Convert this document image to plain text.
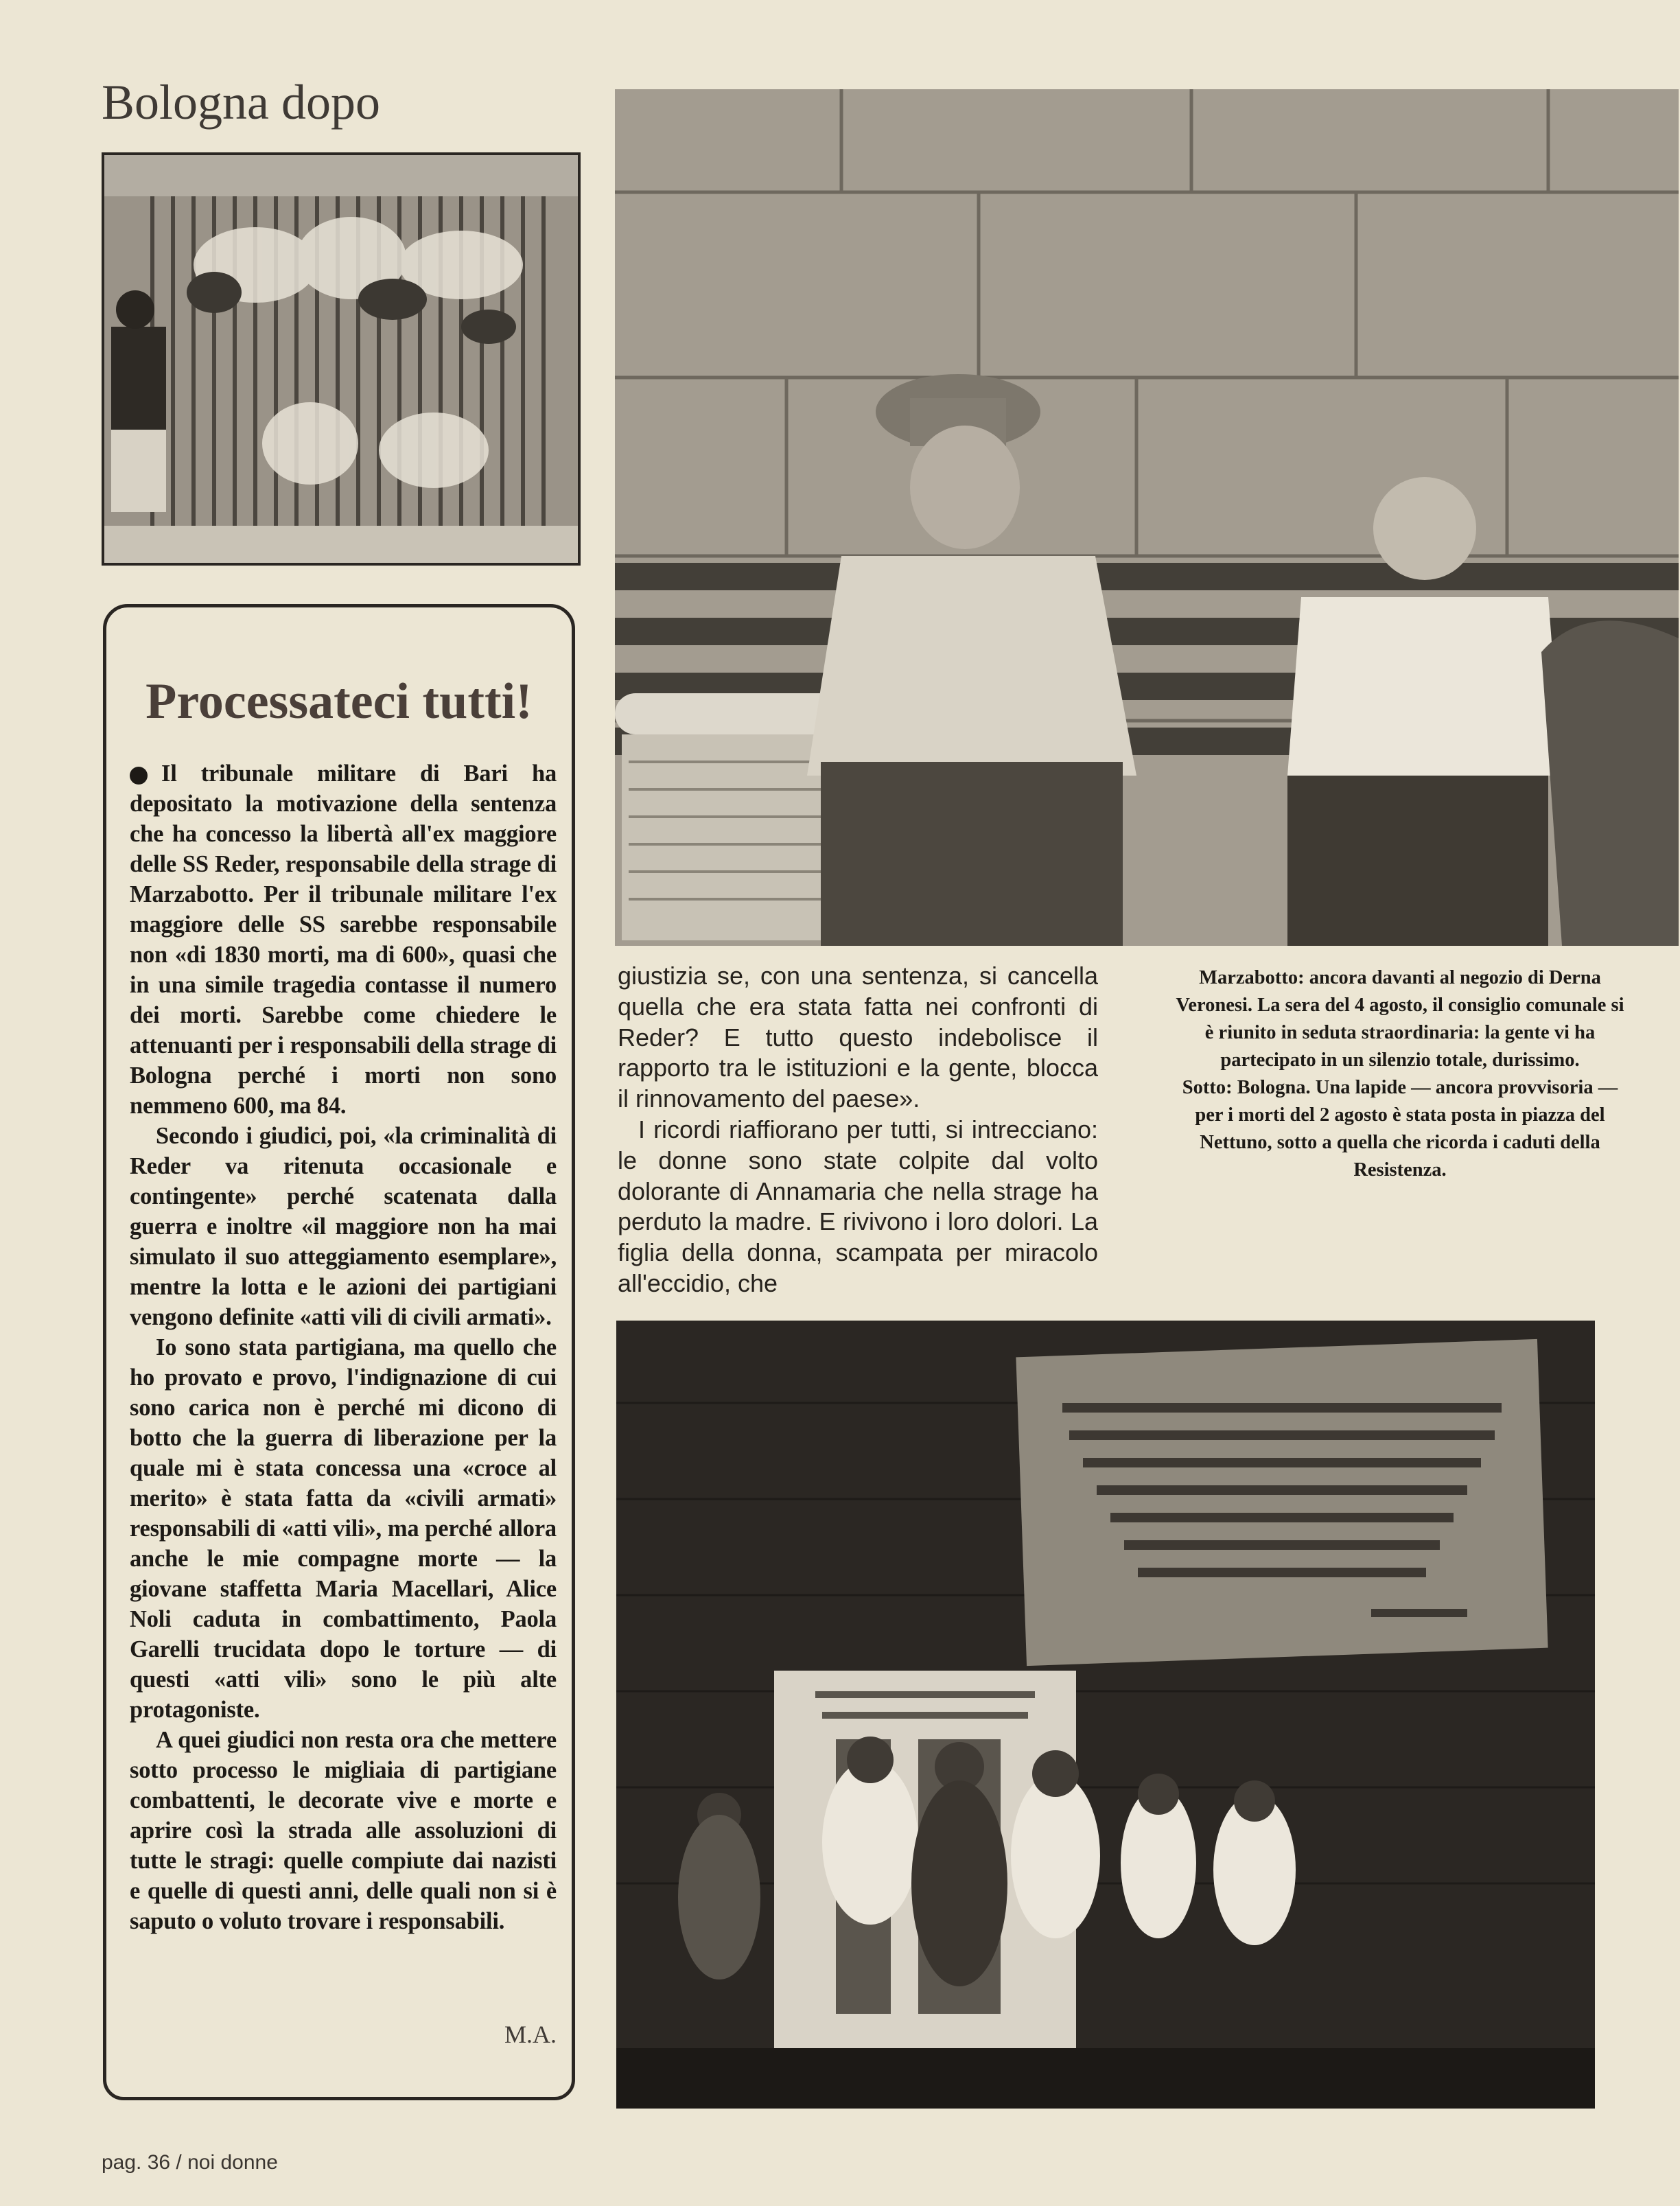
Bologna dopo
Processateci tutti!

Il tribunale militare di Bari ha depositato la motivazione della sentenza che ha concesso la libertà all'ex maggiore delle SS Reder, responsabile della strage di Marzabotto. Per il tribunale militare l'ex maggiore delle SS sarebbe responsabile non «di 1830 morti, ma di 600», quasi che in una simile tragedia contasse il numero dei morti. Sarebbe come chiedere le attenuanti per i responsabili della strage di Bologna perché i morti non sono nemmeno 600, ma 84.

Secondo i giudici, poi, «la criminalità di Reder va ritenuta occasionale e contingente» perché scatenata dalla guerra e inoltre «il maggiore non ha mai simulato il suo atteggiamento esemplare», mentre la lotta e le azioni dei partigiani vengono definite «atti vili di civili armati».

Io sono stata partigiana, ma quello che ho provato e provo, l'indignazione di cui sono carica non è perché mi dicono di botto che la guerra di liberazione per la quale mi è stata concessa una «croce al merito» è stata fatta da «civili armati» responsabili di «atti vili», ma perché allora anche le mie compagne morte — la giovane staffetta Maria Macellari, Alice Noli caduta in combattimento, Paola Garelli trucidata dopo le torture — di questi «atti vili» sono le più alte protagoniste.

A quei giudici non resta ora che mettere sotto processo le migliaia di partigiane combattenti, le decorate vive e morte e aprire così la strada alle assoluzioni di tutte le stragi: quelle compiute dai nazisti e quelle di questi anni, delle quali non si è saputo o voluto trovare i responsabili.

M.A.

giustizia se, con una sentenza, si cancella quella che era stata fatta nei confronti di Reder? E tutto questo indebolisce il rapporto tra le istituzioni e la gente, blocca il rinnovamento del paese».

I ricordi riaffiorano per tutti, si intrecciano: le donne sono state colpite dal volto dolorante di Annamaria che nella strage ha perduto la madre. E rivivono i loro dolori. La figlia della donna, scampata per miracolo all'eccidio, che

Marzabotto: ancora davanti al negozio di Derna Veronesi. La sera del 4 agosto, il consiglio comunale si è riunito in seduta straordinaria: la gente vi ha partecipato in un silenzio totale, durissimo.

Sotto: Bologna. Una lapide — ancora provvisoria — per i morti del 2 agosto è stata posta in piazza del Nettuno, sotto a quella che ricorda i caduti della Resistenza.

pag. 36 / noi donne
